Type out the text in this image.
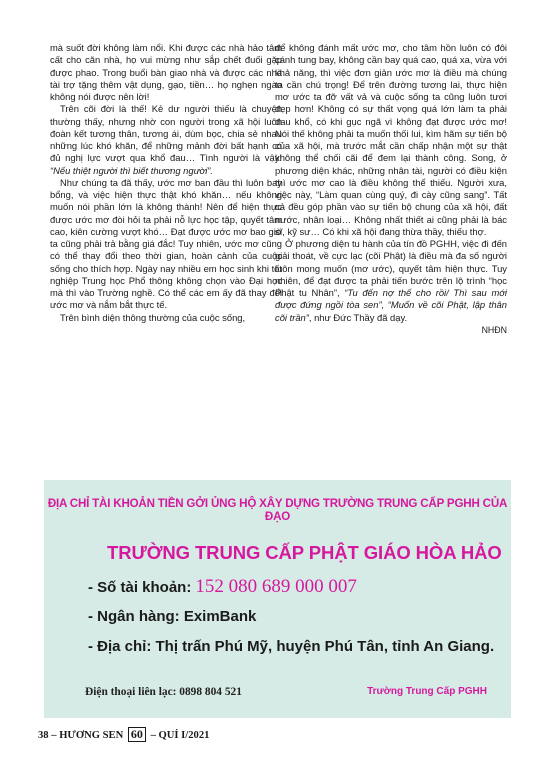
mà suốt đời không làm nổi. Khi được các nhà hảo tâm cất cho căn nhà, họ vui mừng như sắp chết đuối gặp được phao. Trong buổi bàn giao nhà và được các nhà tài trợ tặng thêm vật dụng, gạo, tiền… họ nghẹn ngào không nói được nên lời!

Trên cõi đời là thế! Kẻ dư người thiếu là chuyện thường thấy, nhưng nhờ con người trong xã hội luôn đoàn kết tương thân, tương ái, dùm bọc, chia sẻ nhau những lúc khó khăn, để những mảnh đời bất hạnh có đủ nghị lực vượt qua khổ đau… Tình người là vậy! “Nếu thiệt người thì biết thương người”.

Như chúng ta đã thấy, ước mơ ban đầu thì luôn bay bổng, và việc hiện thực thật khó khăn… nếu không muốn nói phần lớn là không thành! Nên để hiện thực được ước mơ đòi hỏi ta phải nỗ lực học tập, quyết tâm cao, kiên cường vượt khó… Đạt được ước mơ bao giờ ta cũng phải trả bằng giá đắc! Tuy nhiên, ước mơ cũng có thể thay đổi theo thời gian, hoàn cảnh của cuộc sống cho thích hợp. Ngày nay nhiều em học sinh khi tốt nghiệp Trung học Phổ thông không chọn vào Đại học mà thì vào Trường nghề. Có thể các em ấy đã thay đổi ước mơ và nắm bắt thực tế.

Trên bình diện thông thường của cuộc sống,

để không đánh mất ước mơ, cho tâm hồn luôn có đôi cánh tung bay, không cần bay quá cao, quá xa, vừa với khả năng, thì việc đơn giản ước mơ là điều mà chúng ta cần chú trọng! Để trên đường tương lai, thực hiện mơ ước ta đỡ vất vả và cuộc sống ta cũng luôn tươi đẹp hơn! Không có sự thất vọng quá lớn làm ta phải đau khổ, có khi gục ngã vì không đạt được ước mơ! Nói thế không phải ta muốn thối lui, kìm hãm sự tiến bộ của xã hội, mà trước mắt cần chấp nhận một sự thật không thể chối cãi để đem lại thành công. Song, ở phương diện khác, những nhân tài, người có điều kiện thì ước mơ cao là điều không thể thiếu. Người xưa, việc này, “Làm quan cùng quý, đi cày cũng sang”. Tất cả đều góp phần vào sự tiến bộ chung của xã hội, đất nước, nhân loại… Không nhất thiết ai cũng phải là bác sĩ, kỹ sư… Có khi xã hội đang thừa thầy, thiếu thợ.

Ở phương diện tu hành của tín đồ PGHH, việc đi đến giải thoát, về cực lạc (cõi Phật) là điều mà đa số người luôn mong muốn (mơ ước), quyết tâm hiện thực. Tuy nhiên, để đạt được ta phải tiến bước trên lộ trình “học Phật tu Nhân”, “Tu đến nợ thế cho rồi/ Thì sau mới được đứng ngồi tòa sen”, “Muốn về cõi Phật, lập thân cõi trần”, như Đức Thầy đã dạy.

NHĐN
ĐỊA CHỈ TÀI KHOẢN TIỀN GỞI ỦNG HỘ XÂY DỰNG TRƯỜNG TRUNG CẤP PGHH CỦA ĐẠO
TRƯỜNG TRUNG CẤP PHẬT GIÁO HÒA HẢO
- Số tài khoản: 152 080 689 000 007
- Ngân hàng: EximBank
- Địa chỉ: Thị trấn Phú Mỹ, huyện Phú Tân, tỉnh An Giang.
Điện thoại liên lạc: 0898 804 521	Trường Trung Cấp PGHH
38 – HƯƠNG SEN 60 – QUÍ I/2021
